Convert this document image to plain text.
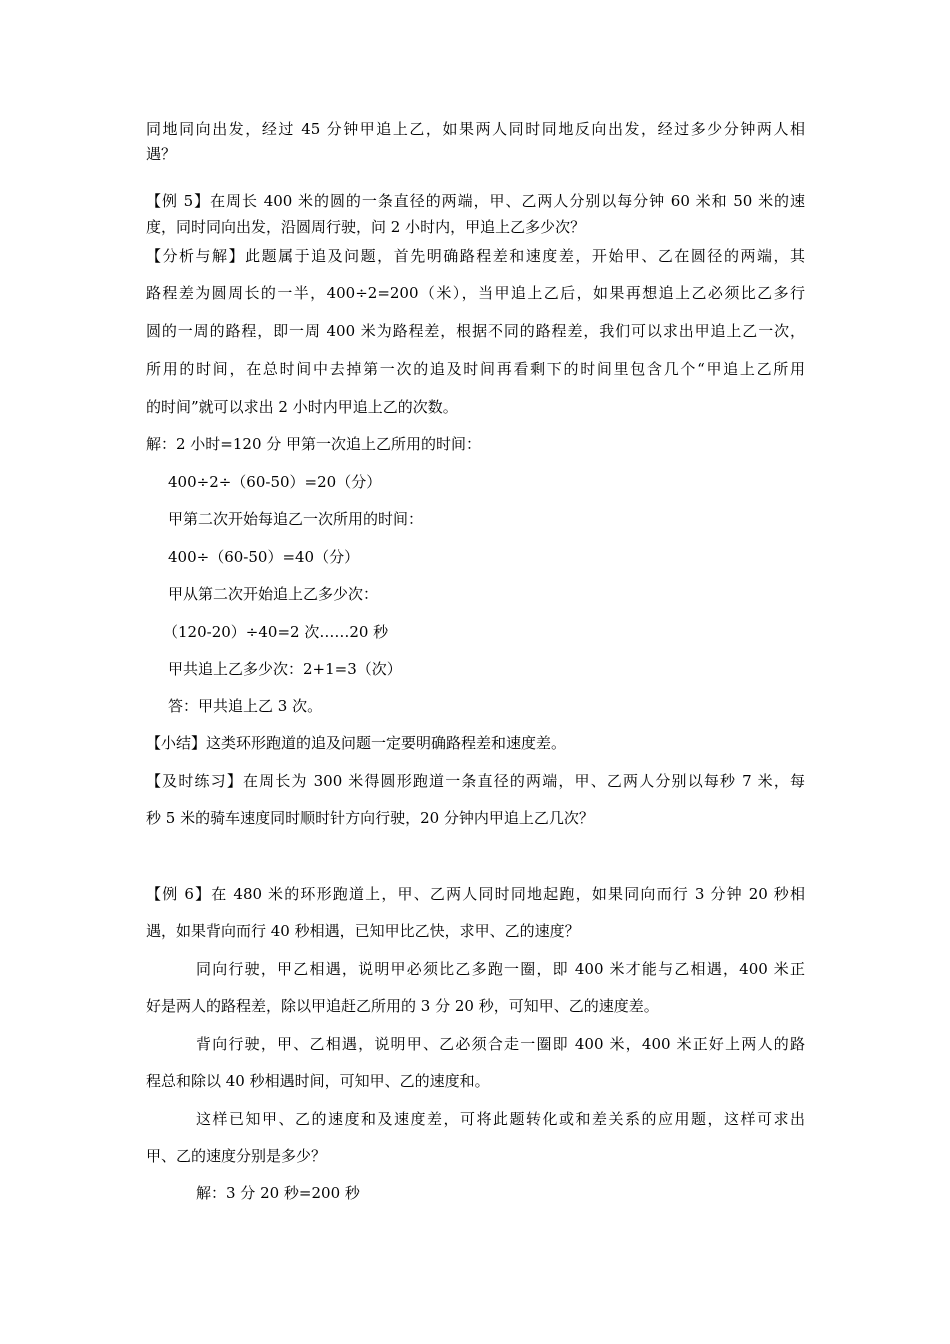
同地同向出发，经过 45 分钟甲追上乙，如果两人同时同地反向出发，经过多少分钟两人相
遇？
【例 5】在周长 400 米的圆的一条直径的两端，甲、乙两人分别以每分钟 60 米和 50 米的速
度，同时同向出发，沿圆周行驶，问 2 小时内，甲追上乙多少次？
【分析与解】此题属于追及问题，首先明确路程差和速度差，开始甲、乙在圆径的两端，其
路程差为圆周长的一半，400÷2=200（米），当甲追上乙后，如果再想追上乙必须比乙多行
圆的一周的路程，即一周 400 米为路程差，根据不同的路程差，我们可以求出甲追上乙一次，
所用的时间，在总时间中去掉第一次的追及时间再看剩下的时间里包含几个“甲追上乙所用
的时间”就可以求出 2 小时内甲追上乙的次数。
解：2 小时=120 分 甲第一次追上乙所用的时间：
400÷2÷（60-50）=20（分）
甲第二次开始每追乙一次所用的时间：
400÷（60-50）=40（分）
甲从第二次开始追上乙多少次：
（120-20）÷40=2 次……20 秒
甲共追上乙多少次：2+1=3（次）
答：甲共追上乙 3 次。
【小结】这类环形跑道的追及问题一定要明确路程差和速度差。
【及时练习】在周长为 300 米得圆形跑道一条直径的两端，甲、乙两人分别以每秒 7 米，每
秒 5 米的骑车速度同时顺时针方向行驶，20 分钟内甲追上乙几次？
【例 6】在 480 米的环形跑道上，甲、乙两人同时同地起跑，如果同向而行 3 分钟 20 秒相
遇，如果背向而行 40 秒相遇，已知甲比乙快，求甲、乙的速度？
同向行驶，甲乙相遇，说明甲必须比乙多跑一圈，即 400 米才能与乙相遇，400 米正
好是两人的路程差，除以甲追赶乙所用的 3 分 20 秒，可知甲、乙的速度差。
背向行驶，甲、乙相遇，说明甲、乙必须合走一圈即 400 米，400 米正好上两人的路
程总和除以 40 秒相遇时间，可知甲、乙的速度和。
这样已知甲、乙的速度和及速度差，可将此题转化或和差关系的应用题，这样可求出
甲、乙的速度分别是多少？
解：3 分 20 秒=200 秒
